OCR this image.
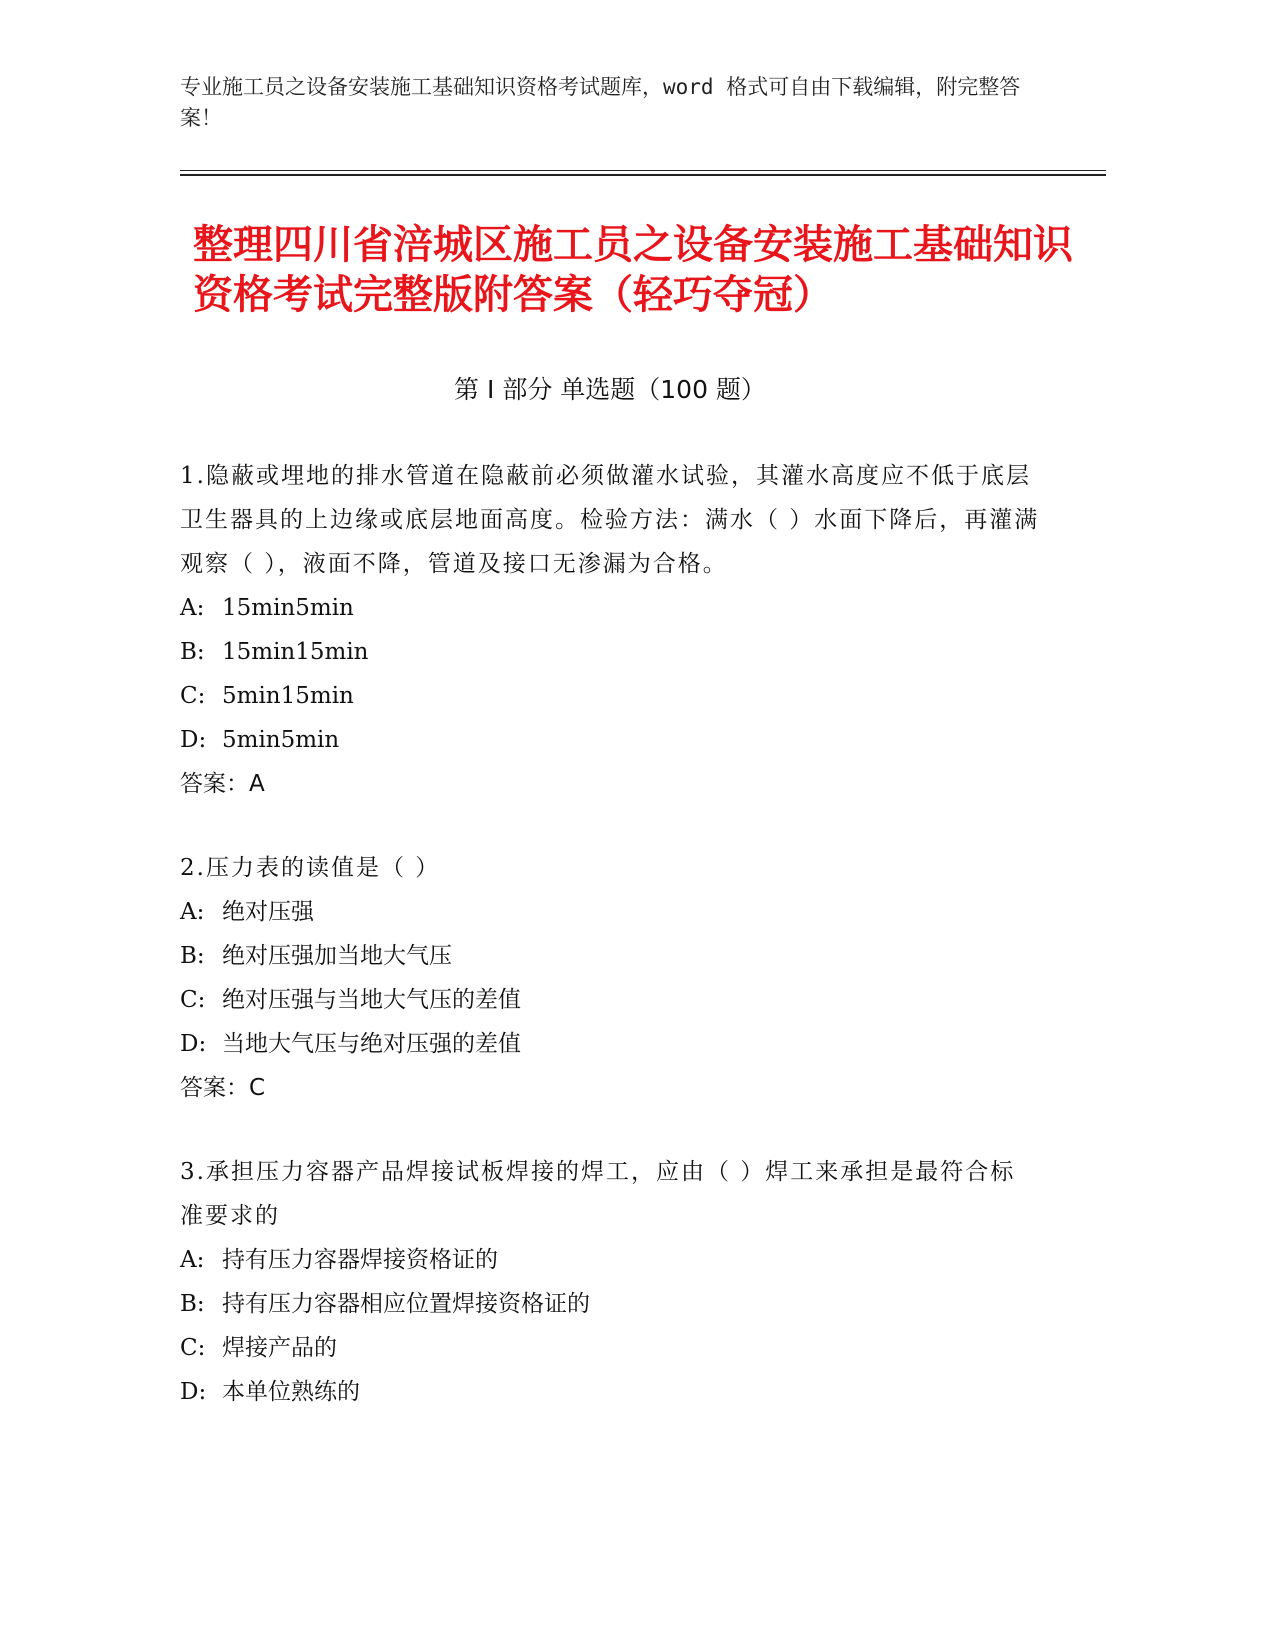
专业施工员之设备安装施工基础知识资格考试题库，word 格式可自由下载编辑，附完整答案！
整理四川省涪城区施工员之设备安装施工基础知识资格考试完整版附答案（轻巧夺冠）
第 I 部分 单选题（100 题）
1.隐蔽或埋地的排水管道在隐蔽前必须做灌水试验，其灌水高度应不低于底层卫生器具的上边缘或底层地面高度。检验方法：满水（ ）水面下降后，再灌满观察（ ），液面不降，管道及接口无渗漏为合格。
A: 15min5min
B: 15min15min
C: 5min15min
D: 5min5min
答案：A
2.压力表的读值是（ ）
A: 绝对压强
B: 绝对压强加当地大气压
C: 绝对压强与当地大气压的差值
D: 当地大气压与绝对压强的差值
答案：C
3.承担压力容器产品焊接试板焊接的焊工，应由（ ）焊工来承担是最符合标准要求的
A: 持有压力容器焊接资格证的
B: 持有压力容器相应位置焊接资格证的
C: 焊接产品的
D: 本单位熟练的
